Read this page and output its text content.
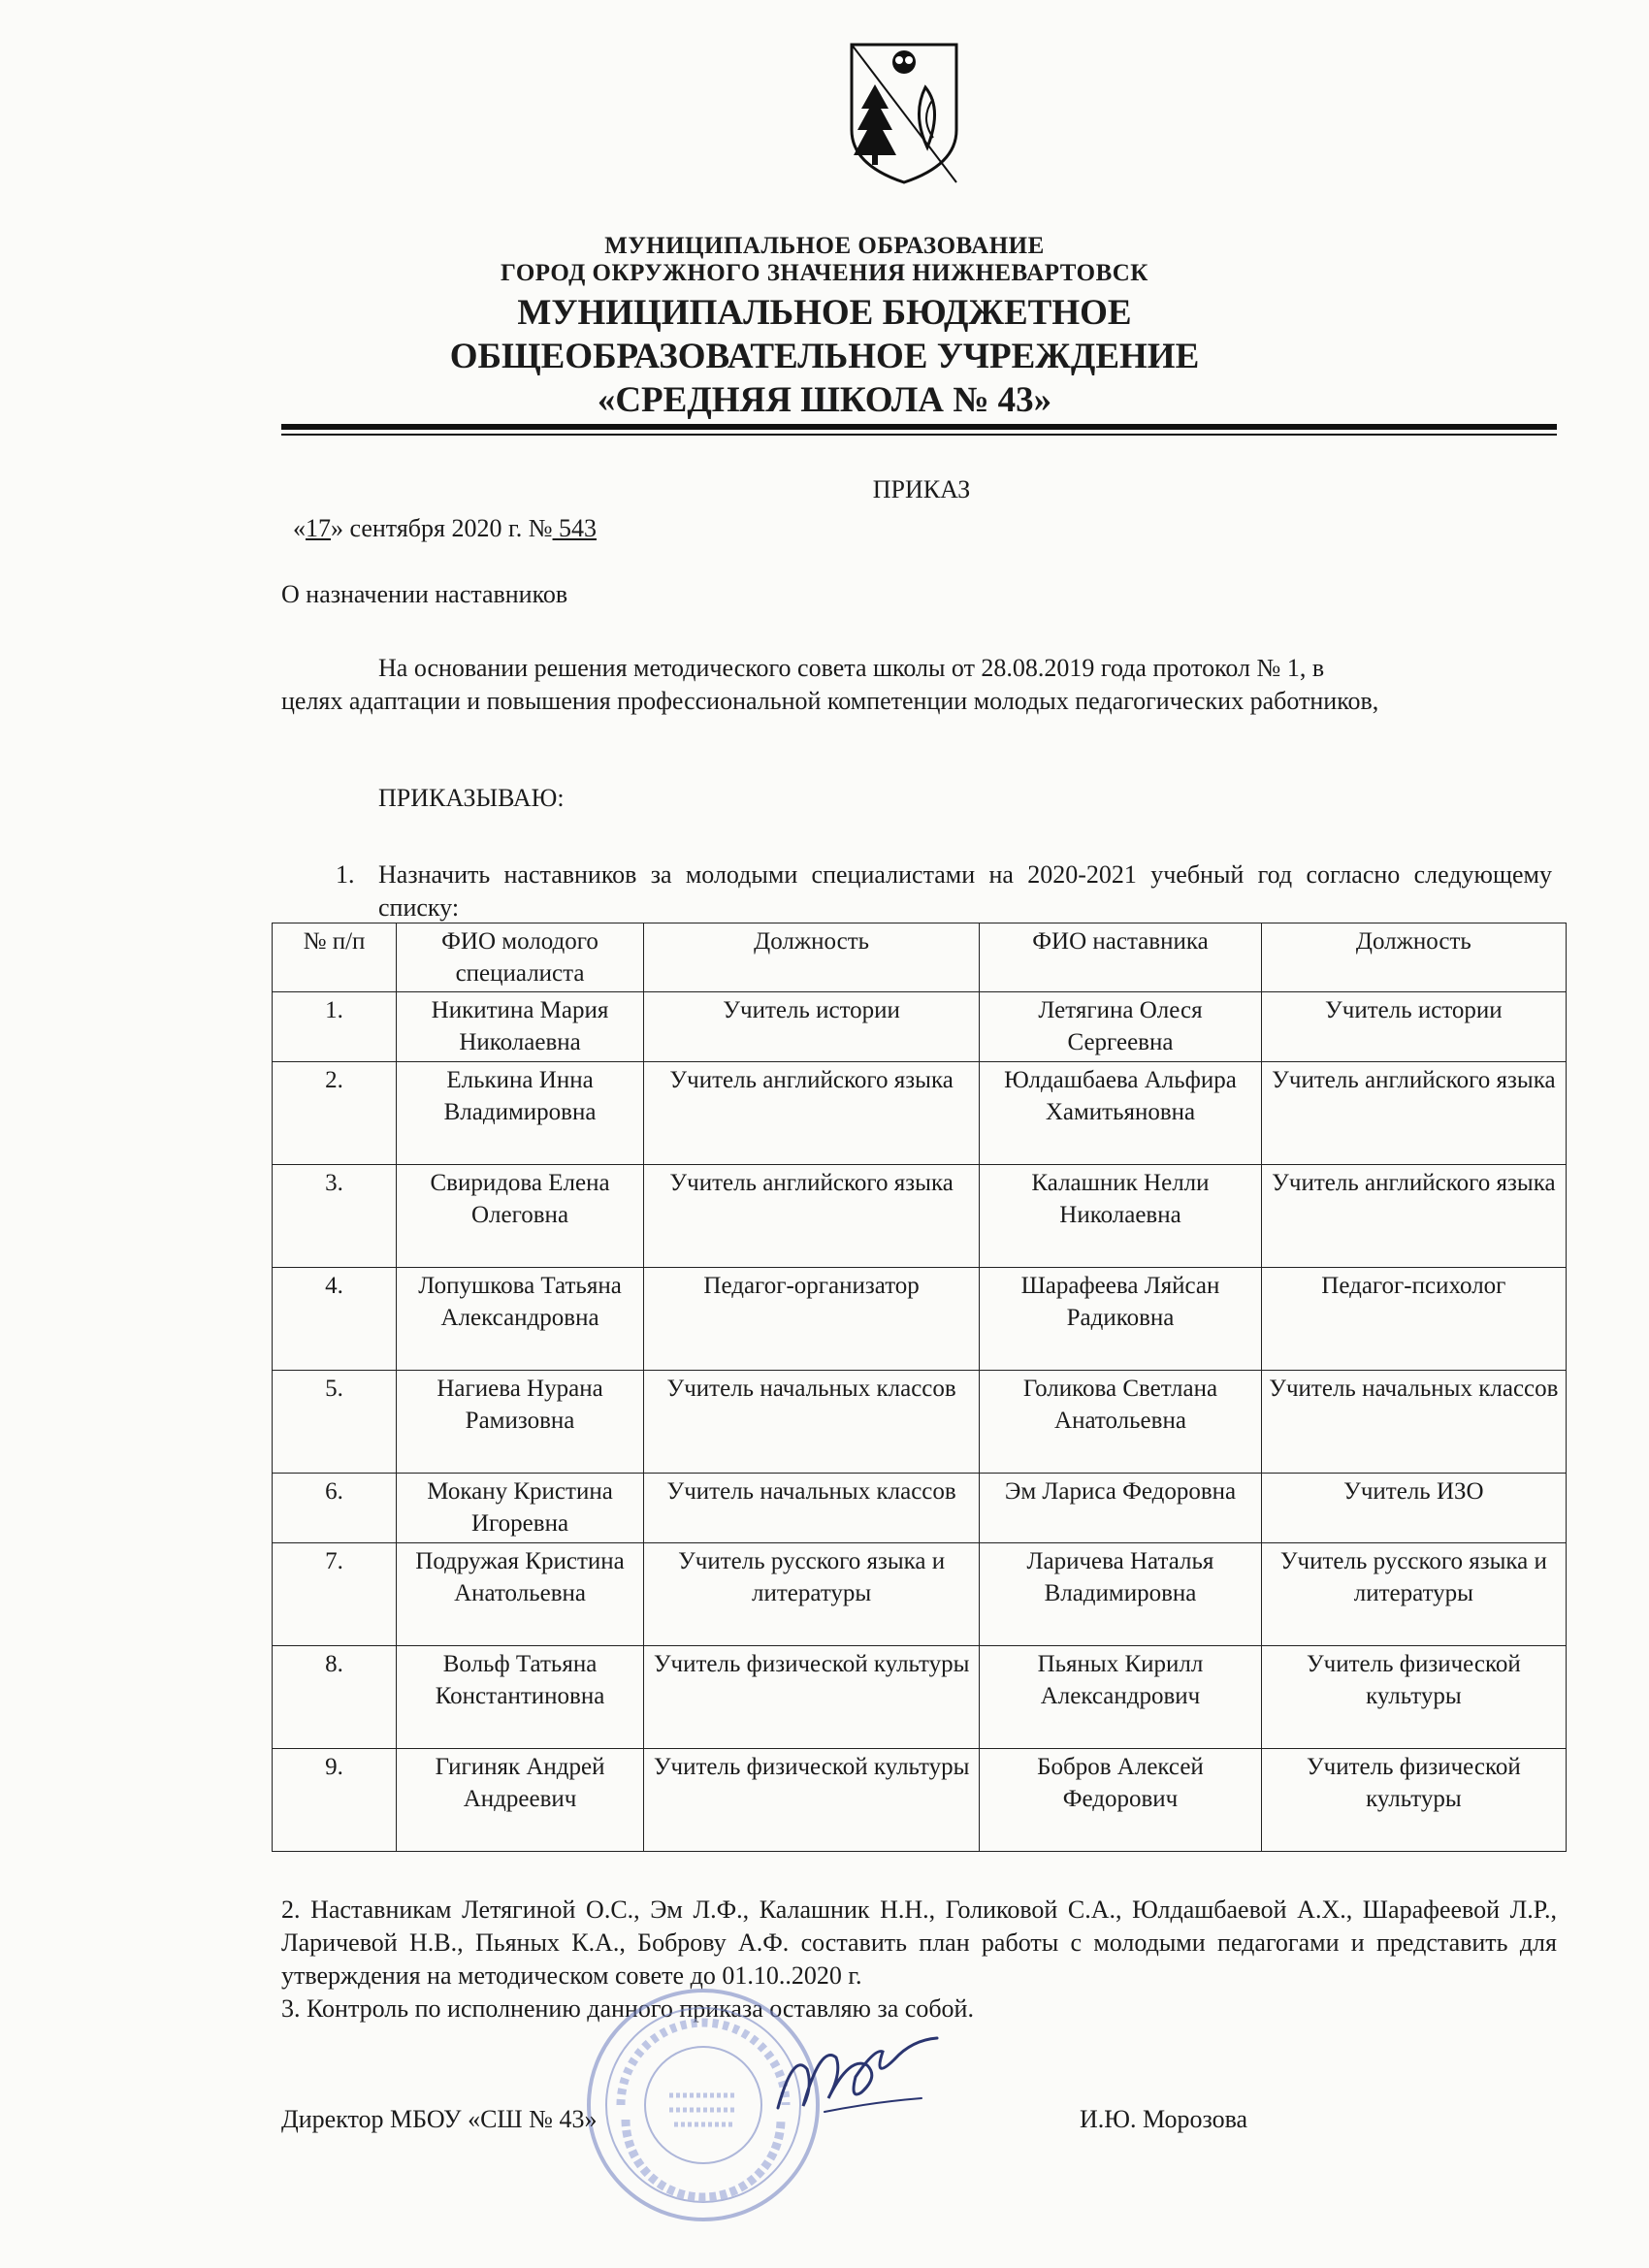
МУНИЦИПАЛЬНОЕ ОБРАЗОВАНИЕ
ГОРОД ОКРУЖНОГО ЗНАЧЕНИЯ НИЖНЕВАРТОВСК
МУНИЦИПАЛЬНОЕ БЮДЖЕТНОЕ
ОБЩЕОБРАЗОВАТЕЛЬНОЕ УЧРЕЖДЕНИЕ
«СРЕДНЯЯ ШКОЛА № 43»
ПРИКАЗ
«17» сентября 2020 г. № 543
О назначении наставников
На основании решения методического совета школы от 28.08.2019 года протокол № 1, в
целях адаптации и повышения профессиональной компетенции молодых педагогических работников,
ПРИКАЗЫВАЮ:
1. Назначить наставников за молодыми специалистами на 2020-2021 учебный год согласно следующему списку:
№ п/п	ФИО молодого специалиста	Должность	ФИО наставника	Должность
1.	Никитина Мария Николаевна	Учитель истории	Летягина Олеся Сергеевна	Учитель истории
2.	Елькина Инна Владимировна	Учитель английского языка	Юлдашбаева Альфира Хамитьяновна	Учитель английского языка
3.	Свиридова Елена Олеговна	Учитель английского языка	Калашник Нелли Николаевна	Учитель английского языка
4.	Лопушкова Татьяна Александровна	Педагог-организатор	Шарафеева Ляйсан Радиковна	Педагог-психолог
5.	Нагиева Нурана Рамизовна	Учитель начальных классов	Голикова Светлана Анатольевна	Учитель начальных классов
6.	Мокану Кристина Игоревна	Учитель начальных классов	Эм Лариса Федоровна	Учитель ИЗО
7.	Подружая Кристина Анатольевна	Учитель русского языка и литературы	Ларичева Наталья Владимировна	Учитель русского языка и литературы
8.	Вольф Татьяна Константиновна	Учитель физической культуры	Пьяных Кирилл Александрович	Учитель физической культуры
9.	Гигиняк Андрей Андреевич	Учитель физической культуры	Бобров Алексей Федорович	Учитель физической культуры

2. Наставникам Летягиной О.С., Эм Л.Ф., Калашник Н.Н., Голиковой С.А., Юлдашбаевой А.Х., Шарафеевой Л.Р., Ларичевой Н.В., Пьяных К.А., Боброву А.Ф. составить план работы с молодыми педагогами и представить для утверждения на методическом совете до 01.10..2020 г.

3. Контроль по исполнению данного приказа оставляю за собой.

Директор МБОУ «СШ № 43»	И.Ю. Морозова
